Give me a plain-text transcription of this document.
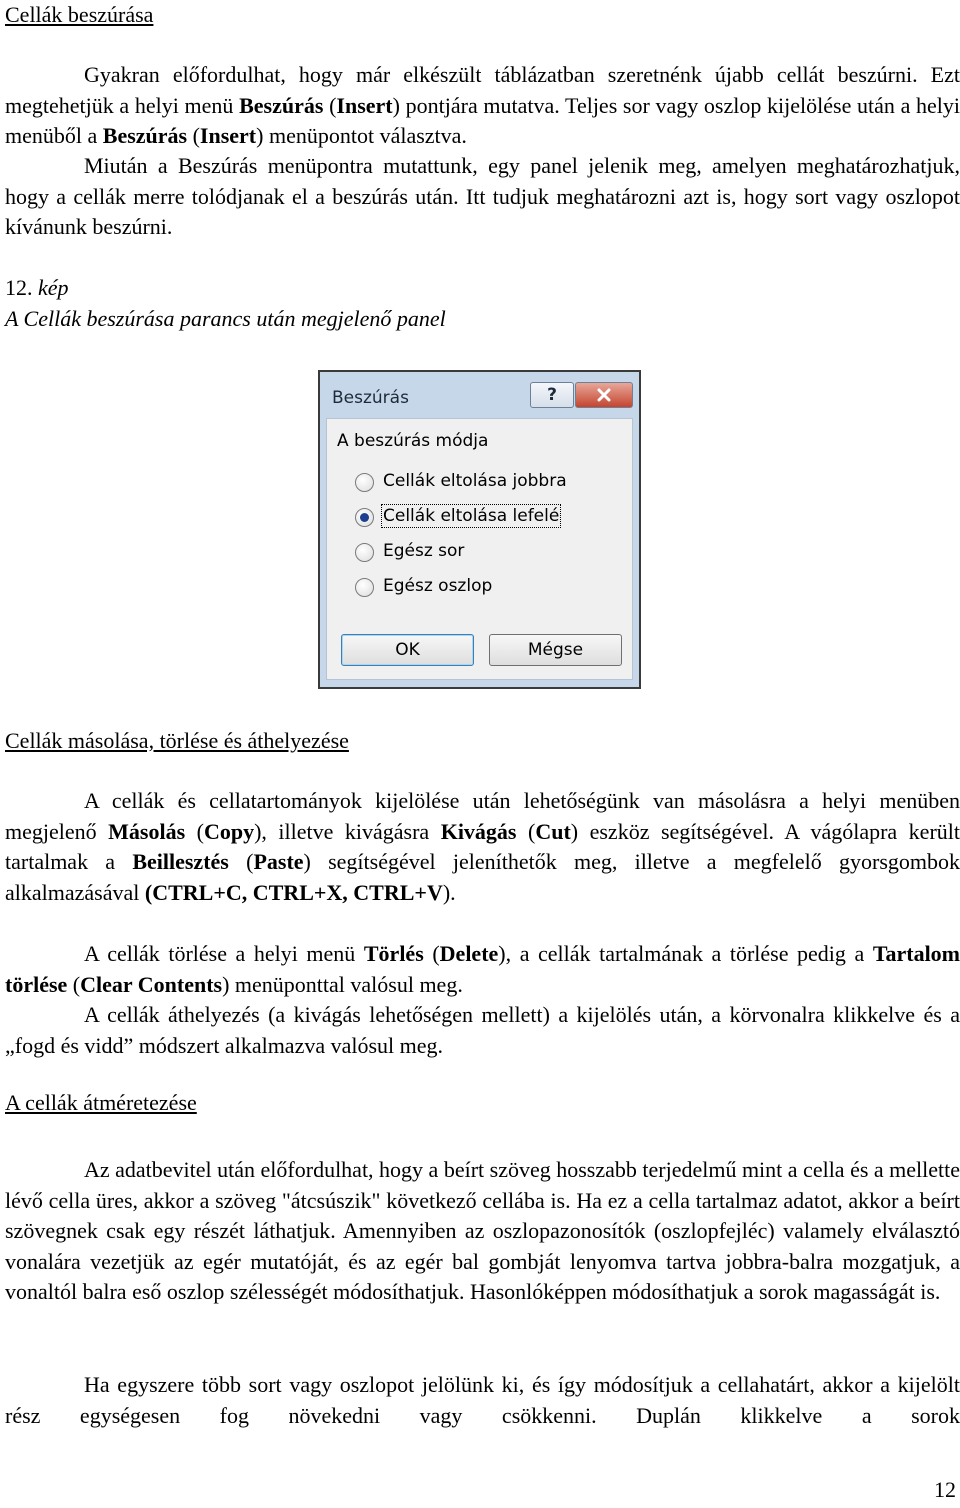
Cellák beszúrása

Gyakran előfordulhat, hogy már elkészült táblázatban szeretnénk újabb cellát beszúrni. Ezt megtehetjük a helyi menü Beszúrás (Insert) pontjára mutatva. Teljes sor vagy oszlop kijelölése után a helyi menüből a Beszúrás (Insert) menüpontot választva.

Miután a Beszúrás menüpontra mutattunk, egy panel jelenik meg, amelyen meghatározhatjuk, hogy a cellák merre tolódjanak el a beszúrás után. Itt tudjuk meghatározni azt is, hogy sort vagy oszlopot kívánunk beszúrni.

12. kép
A Cellák beszúrása parancs után megjelenő panel
Beszúrás	?
A beszúrás módja
Cellák eltolása jobbra
Cellák eltolása lefelé
Egész sor
Egész oszlop
OK	Mégse
Cellák másolása, törlése és áthelyezése

A cellák és cellatartományok kijelölése után lehetőségünk van másolásra a helyi menüben megjelenő Másolás (Copy), illetve kivágásra Kivágás (Cut) eszköz segítségével. A vágólapra került tartalmak a Beillesztés (Paste) segítségével jeleníthetők meg, illetve a megfelelő gyorsgombok alkalmazásával (CTRL+C, CTRL+X, CTRL+V).

A cellák törlése a helyi menü Törlés (Delete), a cellák tartalmának a törlése pedig a Tartalom törlése (Clear Contents) menüponttal valósul meg.

A cellák áthelyezés (a kivágás lehetőségen mellett) a kijelölés után, a körvonalra klikkelve és a „fogd és vidd” módszert alkalmazva valósul meg.

A cellák átméretezése

Az adatbevitel után előfordulhat, hogy a beírt szöveg hosszabb terjedelmű mint a cella és a mellette lévő cella üres, akkor a szöveg "átcsúszik" következő cellába is. Ha ez a cella tartalmaz adatot, akkor a beírt szövegnek csak egy részét láthatjuk. Amennyiben az oszlopazonosítók (oszlopfejléc) valamely elválasztó vonalára vezetjük az egér mutatóját, és az egér bal gombját lenyomva tartva jobbra-balra mozgatjuk, a vonaltól balra eső oszlop szélességét módosíthatjuk. Hasonlóképpen módosíthatjuk a sorok magasságát is.

Ha egyszere több sort vagy oszlopot jelölünk ki, és így módosítjuk a cellahatárt, akkor a kijelölt rész egységesen fog növekedni vagy csökkenni. Duplán klikkelve a sorok

12
